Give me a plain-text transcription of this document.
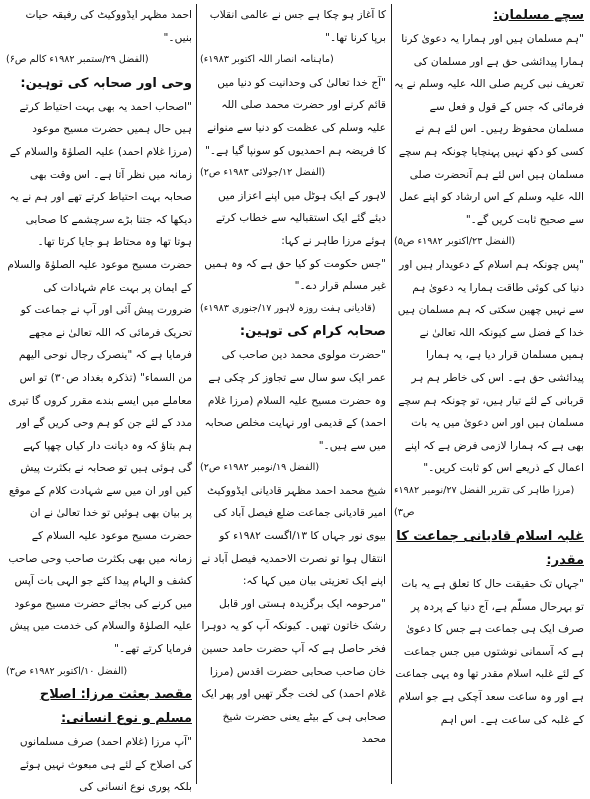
سچے مسلمان:

"ہم مسلمان ہیں اور ہمارا یہ دعویٰ کرنا ہمارا پیدائشی حق ہے اور مسلمان کی تعریف نبی کریم صلی اللہ علیہ وسلم نے یہ فرمائی کہ جس کے قول و فعل سے مسلمان محفوظ رہیں۔ اس لئے ہم نے کسی کو دکھ نہیں پہنچایا چونکہ ہم سچے مسلمان ہیں اس لئے ہم آنحضرت صلی اللہ علیہ وسلم کے اس ارشاد کو اپنے عمل سے صحیح ثابت کریں گے۔"

(الفضل ۲۳/اکتوبر ۱۹۸۲ء ص۵)

"پس چونکہ ہم اسلام کے دعویدار ہیں اور دنیا کی کوئی طاقت ہمارا یہ دعویٰ ہم سے نہیں چھین سکتی کہ ہم مسلمان ہیں خدا کے فضل سے کیونکہ اللہ تعالیٰ نے ہمیں مسلمان قرار دیا ہے، یہ ہمارا پیدائشی حق ہے۔ اس کی خاطر ہم ہر قربانی کے لئے تیار ہیں، تو چونکہ ہم سچے مسلمان ہیں اور اس دعویٰ میں یہ بات بھی ہے کہ ہمارا لازمی فرض ہے کہ اپنے اعمال کے ذریعے اس کو ثابت کریں۔"

(مرزا طاہر کی تقریر الفضل ۲۷/نومبر ۱۹۸۲ء ص۳)

غلبہ اسلام قادیانی جماعت کا مقدر:

"جہاں تک حقیقت حال کا تعلق ہے یہ بات تو بہرحال مسلّم ہے، آج دنیا کے پردہ پر صرف ایک ہی جماعت ہے جس کا دعویٰ ہے کہ آسمانی نوشتوں میں جس جماعت کے لئے غلبہ اسلام مقدر تھا وہ یہی جماعت ہے اور وہ ساعت سعد آچکی ہے جو اسلام کے غلبہ کی ساعت ہے۔ اس اہم

کا آغاز ہو چکا ہے جس نے عالمی انقلاب برپا کرنا تھا۔"

(ماہنامہ انصار اللہ اکتوبر ۱۹۸۳ء)

"آج خدا تعالیٰ کی وحدانیت کو دنیا میں قائم کرنے اور حضرت محمد صلی اللہ علیہ وسلم کی عظمت کو دنیا سے منوانے کا فریضہ ہم احمدیوں کو سونپا گیا ہے۔"

(الفضل ۱۲/جولائی ۱۹۸۳ء ص۲)

لاہور کے ایک ہوٹل میں اپنے اعزاز میں دیئے گئے ایک استقبالیہ سے خطاب کرتے ہوئے مرزا طاہر نے کہا:

"جس حکومت کو کیا حق ہے کہ وہ ہمیں غیر مسلم قرار دے۔"

(قادیانی ہفت روزہ لاہور ۱۷/جنوری ۱۹۸۳ء)

صحابہ کرام کی توہین:

"حضرت مولوی محمد دین صاحب کی عمر ایک سو سال سے تجاوز کر چکی ہے وہ حضرت مسیح علیہ السلام (مرزا غلام احمد) کے قدیمی اور نہایت مخلص صحابہ میں سے ہیں۔"

(الفضل ۱۹/نومبر ۱۹۸۲ء ص۲)

شیخ محمد احمد مظہر قادیانی ایڈووکیٹ امیر قادیانی جماعت ضلع فیصل آباد کی بیوی نور جہاں کا ۱۳/اگست ۱۹۸۲ء کو انتقال ہوا تو نصرت الاحمدیہ فیصل آباد نے اپنے ایک تعزیتی بیان میں کہا کہ:

"مرحومہ ایک برگزیدہ ہستی اور قابل رشک خاتون تھیں۔ کیونکہ آپ کو یہ دوہرا فخر حاصل ہے کہ آپ حضرت حامد حسین خان صاحب صحابی حضرت اقدس (مرزا غلام احمد) کی لخت جگر تھیں اور پھر ایک صحابی ہی کے بیٹے یعنی حضرت شیخ محمد

احمد مظہر ایڈووکیٹ کی رفیقہ حیات بنیں۔"

(الفضل ۲۹/ستمبر ۱۹۸۲ء کالم ص۶)

وحی اور صحابہ کی توہین:

"اصحاب احمد یہ بھی بہت احتیاط کرتے ہیں حال ہمیں حضرت مسیح موعود (مرزا غلام احمد) علیہ الصلوٰۃ والسلام کے زمانہ میں نظر آتا ہے۔ اس وقت بھی صحابہ بہت احتیاط کرتے تھے اور ہم نے یہ دیکھا کہ جتنا بڑے سرچشمے کا صحابی ہوتا تھا وہ محتاط ہو جایا کرتا تھا۔ حضرت مسیح موعود علیہ الصلوٰۃ والسلام کے ایمان پر بہت عام شہادات کی ضرورت پیش آئی اور آپ نے جماعت کو تحریک فرمائی کہ اللہ تعالیٰ نے مجھے فرمایا ہے کہ "ینصرک رجال نوحی الیھم من السماء" (تذکرہ بغداد ص۳۰) تو اس معاملے میں ایسے بندے مقرر کروں گا تیری مدد کے لئے جن کو ہم وحی کریں گے اور ہم بتاؤ کہ وہ دیانت دار کیاں چھپا کہے گی ہوئی ہیں تو صحابہ نے بکثرت پیش کیں اور ان میں سے شہادت کلام کے موقع پر بیان بھی ہوئیں تو خدا تعالیٰ نے ان حضرت مسیح موعود علیہ السلام کے زمانہ میں بھی بکثرت صاحب وحی صاحب کشف و الہام پیدا کئے جو الہی بات آپس میں کرنے کی بجائے حضرت مسیح موعود علیہ الصلوٰۃ والسلام کی خدمت میں پیش فرمایا کرتے تھے۔"

(الفضل ۱۰/اکتوبر ۱۹۸۲ء ص۳)

مقصد بعثت مرزا: اصلاح مسلم و نوع انسانی:

"آپ مرزا (غلام احمد) صرف مسلمانوں کی اصلاح کے لئے ہی مبعوث نہیں ہوئے بلکہ پوری نوع انسانی کی
